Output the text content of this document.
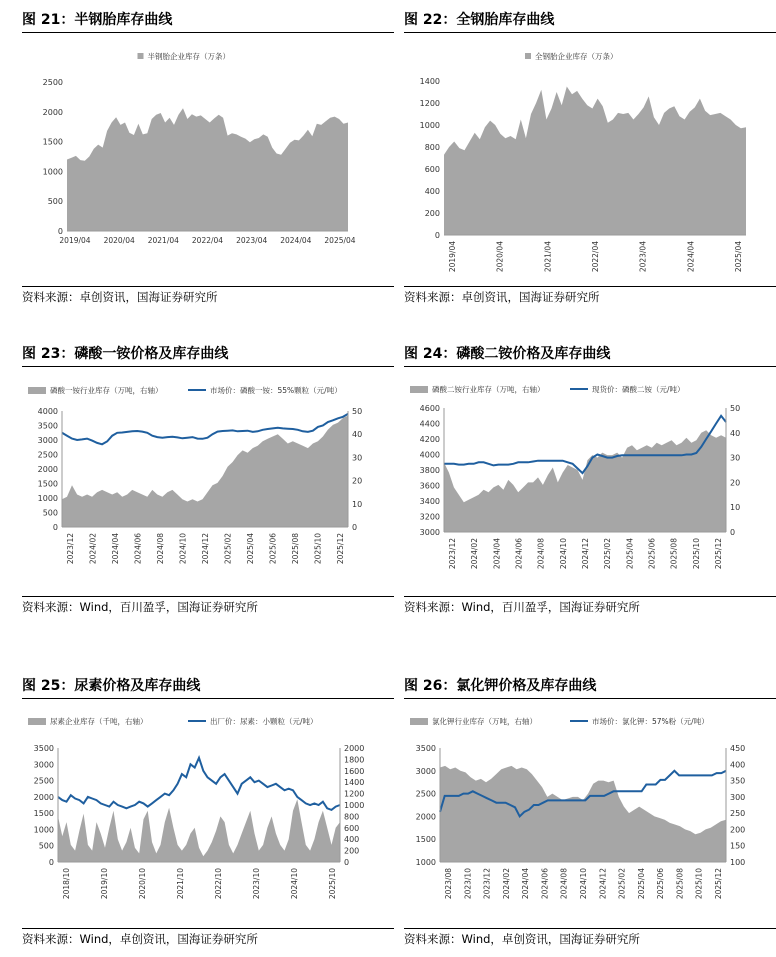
图 21：半钢胎库存曲线
0
500
1000
1500
2000
2500
2019/04 2020/04 2021/04 2022/04 2023/04 2024/04 2025/04
半钢胎企业库存（万条）
资料来源：卓创资讯，国海证券研究所
图 22：全钢胎库存曲线
0
200
400
600
800
1000
1200
1400
2019/04	2020/04	2021/04	2022/04	2023/04	2024/04	2025/04
全钢胎企业库存（万条）
资料来源：卓创资讯，国海证券研究所
图 23：磷酸一铵价格及库存曲线
0
500
1000
1500
2000
2500
3000
3500
4000
0
10
20
30
40
50
2023/12 2024/02 2024/04 2024/06 2024/08 2024/10 2024/12 2025/02 2025/04 2025/06 2025/08 2025/10 2025/12
磷酸一铵行业库存（万吨，右轴）	市场价：磷酸一铵：55%颗粒（元/吨）
资料来源：Wind，百川盈孚，国海证券研究所
图 24：磷酸二铵价格及库存曲线
3000
3200
3400
3600
3800
4000
4200
4400
4600
0
10
20
30
40
50
2023/12 2024/02 2024/04 2024/06 2024/08 2024/10 2024/12 2025/02 2025/04 2025/06 2025/08 2025/10 2025/12
磷酸二铵行业库存（万吨，右轴）	现货价：磷酸二铵（元/吨）
资料来源：Wind，百川盈孚，国海证券研究所
图 25：尿素价格及库存曲线
0
500
1000
1500
2000
2500
3000
3500
0
200
400
600
800
1000
1200
1400
1600
1800
2000
2018/10	2019/10	2020/10	2021/10	2022/10	2023/10	2024/10	2025/10
尿素企业库存（千吨，右轴）	出厂价：尿素：小颗粒（元/吨）
资料来源：Wind，卓创资讯，国海证券研究所
图 26：氯化钾价格及库存曲线
1000
1500
2000
2500
3000
3500
100
150
200
250
300
350
400
450
2023/08 2023/10 2023/12 2024/02 2024/04 2024/06 2024/08 2024/10 2024/12 2025/02 2025/04 2025/06 2025/08 2025/10 2025/12
氯化钾行业库存（万吨，右轴）	市场价：氯化钾：57%粉（元/吨）
资料来源：Wind，卓创资讯，国海证券研究所
